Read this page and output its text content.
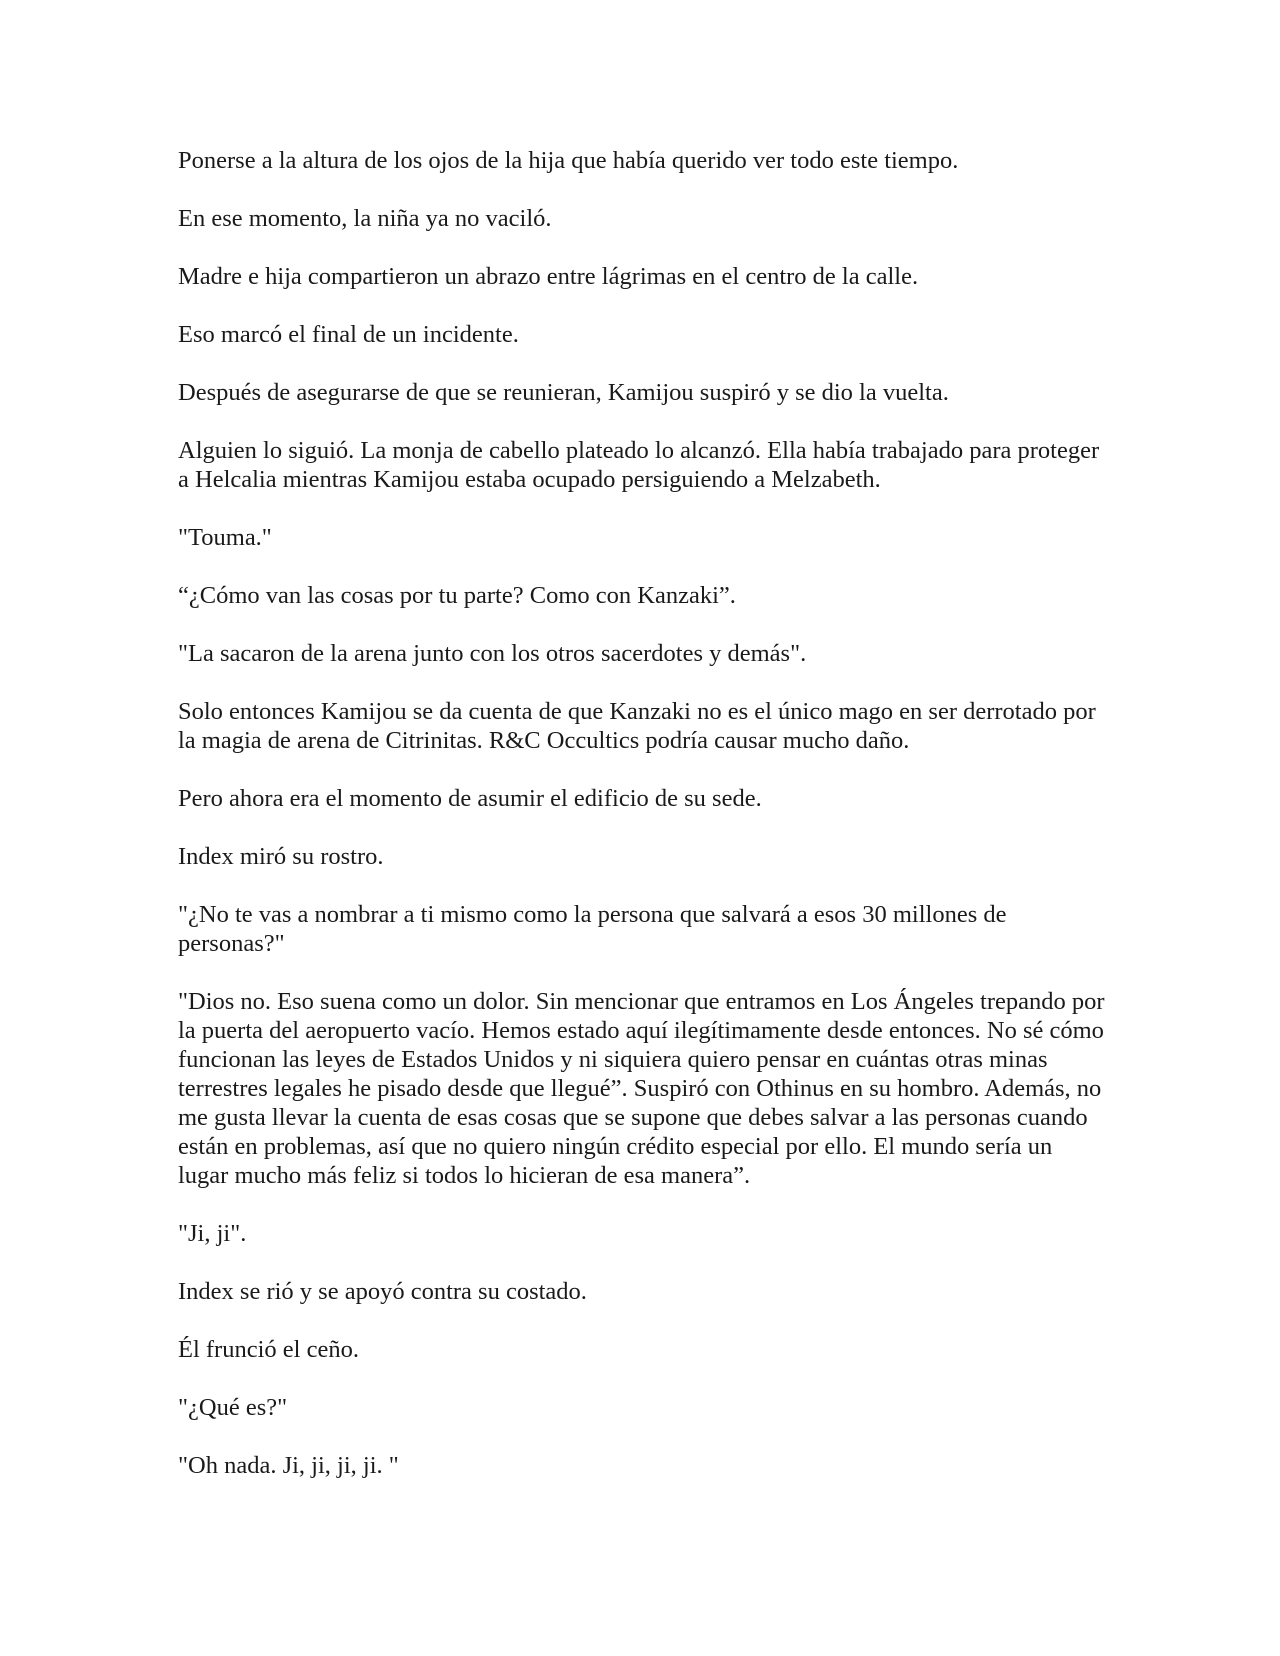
Ponerse a la altura de los ojos de la hija que había querido ver todo este tiempo.

En ese momento, la niña ya no vaciló.

Madre e hija compartieron un abrazo entre lágrimas en el centro de la calle.

Eso marcó el final de un incidente.

Después de asegurarse de que se reunieran, Kamijou suspiró y se dio la vuelta.

Alguien lo siguió. La monja de cabello plateado lo alcanzó. Ella había trabajado para proteger a Helcalia mientras Kamijou estaba ocupado persiguiendo a Melzabeth.

"Touma."

“¿Cómo van las cosas por tu parte? Como con Kanzaki”.

"La sacaron de la arena junto con los otros sacerdotes y demás".

Solo entonces Kamijou se da cuenta de que Kanzaki no es el único mago en ser derrotado por la magia de arena de Citrinitas. R&C Occultics podría causar mucho daño.

Pero ahora era el momento de asumir el edificio de su sede.

Index miró su rostro.

"¿No te vas a nombrar a ti mismo como la persona que salvará a esos 30 millones de personas?"

"Dios no. Eso suena como un dolor. Sin mencionar que entramos en Los Ángeles trepando por la puerta del aeropuerto vacío. Hemos estado aquí ilegítimamente desde entonces. No sé cómo funcionan las leyes de Estados Unidos y ni siquiera quiero pensar en cuántas otras minas terrestres legales he pisado desde que llegué”. Suspiró con Othinus en su hombro. Además, no me gusta llevar la cuenta de esas cosas que se supone que debes salvar a las personas cuando están en problemas, así que no quiero ningún crédito especial por ello. El mundo sería un lugar mucho más feliz si todos lo hicieran de esa manera”.

"Ji, ji".

Index se rió y se apoyó contra su costado.

Él frunció el ceño.

"¿Qué es?"

"Oh nada. Ji, ji, ji, ji. "
